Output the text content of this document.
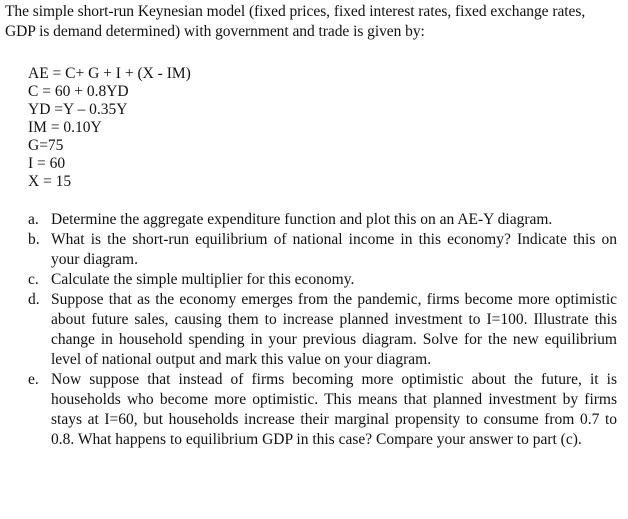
The simple short-run Keynesian model (fixed prices, fixed interest rates, fixed exchange rates, GDP is demand determined) with government and trade is given by:

AE = C+ G + I + (X - IM)
C = 60 + 0.8YD
YD =Y – 0.35Y
IM = 0.10Y
G=75
I = 60
X = 15
a. Determine the aggregate expenditure function and plot this on an AE-Y diagram.
b. What is the short-run equilibrium of national income in this economy? Indicate this on your diagram.
c. Calculate the simple multiplier for this economy.
d. Suppose that as the economy emerges from the pandemic, firms become more optimistic about future sales, causing them to increase planned investment to I=100. Illustrate this change in household spending in your previous diagram. Solve for the new equilibrium level of national output and mark this value on your diagram.
e. Now suppose that instead of firms becoming more optimistic about the future, it is households who become more optimistic. This means that planned investment by firms stays at I=60, but households increase their marginal propensity to consume from 0.7 to 0.8. What happens to equilibrium GDP in this case? Compare your answer to part (c).
